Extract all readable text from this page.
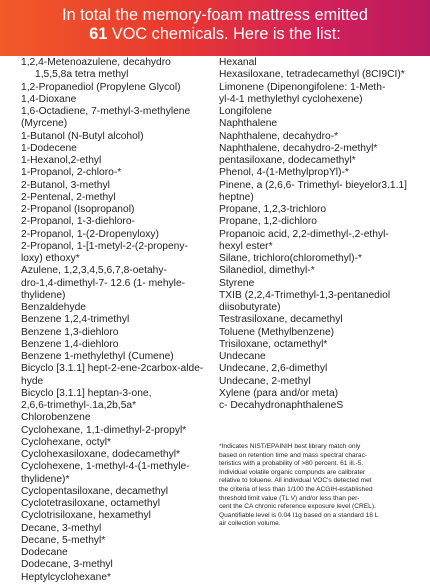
In total the memory-foam mattress emitted
61 VOC chemicals. Here is the list:
1,2,4-Metenoazulene, decahydro
1,5,5,8a tetra methyl
1,2-Propanediol (Propylene Glycol)
1,4-Dioxane
1,6-Octadiene, 7-methyl-3-methylene
(Myrcene)
1-Butanol (N-Butyl alcohol)
1-Dodecene
1-Hexanol,2-ethyl
1-Propanol, 2-chloro-*
2-Butanol, 3-methyl
2-Pentenal, 2-methyl
2-Propanol (Isopropanol)
2-Propanol, 1-3-diehloro-
2-Propanol, 1-(2-Dropenyloxy)
2-Propanol, 1-[1-metyl-2-(2-propeny-
loxy) ethoxy*
Azulene, 1,2,3,4,5,6,7,8-oetahy-
dro-1,4-dimethyl-7- 12.6 (1- mehyle-
thylidene)
Benzaldehyde
Benzene 1,2,4-trimethyl
Benzene 1,3-diehloro
Benzene 1,4-diehloro
Benzene 1-methylethyl (Cumene)
Bicyclo [3.1.1] hept-2-ene-2carbox-alde-
hyde
Bicyclo [3.1.1] heptan-3-one,
2,6,6-trimethyl-.1a,2b,5a*
Chlorobenzene
Cyclohexane, 1,1-dimethyl-2-propyl*
Cyclohexane, octyl*
Cyclohexasiloxane, dodecamethyl*
Cyclohexene, 1-methyl-4-(1-methyle-
thylidene)*
Cyclopentasiloxane, decamethyl
Cyclotetrasiloxane, octamethyl
Cyclotrisiloxane, hexamethyl
Decane, 3-methyl
Decane, 5-methyl*
Dodecane
Dodecane, 3-methyl
Heptylcyclohexane*
Hexanal
Hexasiloxane, tetradecamethyl (8CI9CI)*
Limonene (Dipenongifolene: 1-Meth-
yl-4-1 methylethyl cyclohexene)
Longifolene
Naphthalene
Naphthalene, decahydro-*
Naphthalene, decahydro-2-methyl*
pentasiloxane, dodecamethyl*
Phenol, 4-(1-MethylpropYl)-*
Pinene, a (2,6,6- Trimethyl- bieyelor3.1.1]
heptne)
Propane, 1,2,3-trichloro
Propane, 1,2-dichloro
Propanoic acid, 2,2-dimethyl-,2-ethyl-
hexyl ester*
Silane, trichloro(chloromethyl)-*
Silanediol, dimethyl-*
Styrene
TXIB (2,2,4-Trimethyl-1,3-pentanediol
diisobutyrate)
Testrasiloxane, decamethyl
Toluene (Methylbenzene)
Trisiloxane, octamethyl*
Undecane
Undecane, 2,6-dimethyl
Undecane, 2-methyl
Xylene (para and/or meta)
c- DecahydronaphthaleneS
*Indicates NIST/EPAINIH best library match only
based on retention time and mass spectral charac-
teristics with a probability of >80 percent. 61 ill.-5.
Individual volatile organic compunds are calibrater
relative to toluene. All individual VOC's detected met
the criteria of less than 1/100 the ACGIH-established
threshold limit value (TL V) and/or less than per-
cent the CA chronic reference exposure level (CREL).
Quantifiable level is 0.04 I1g based on a standard 18 L
air collection volume.
